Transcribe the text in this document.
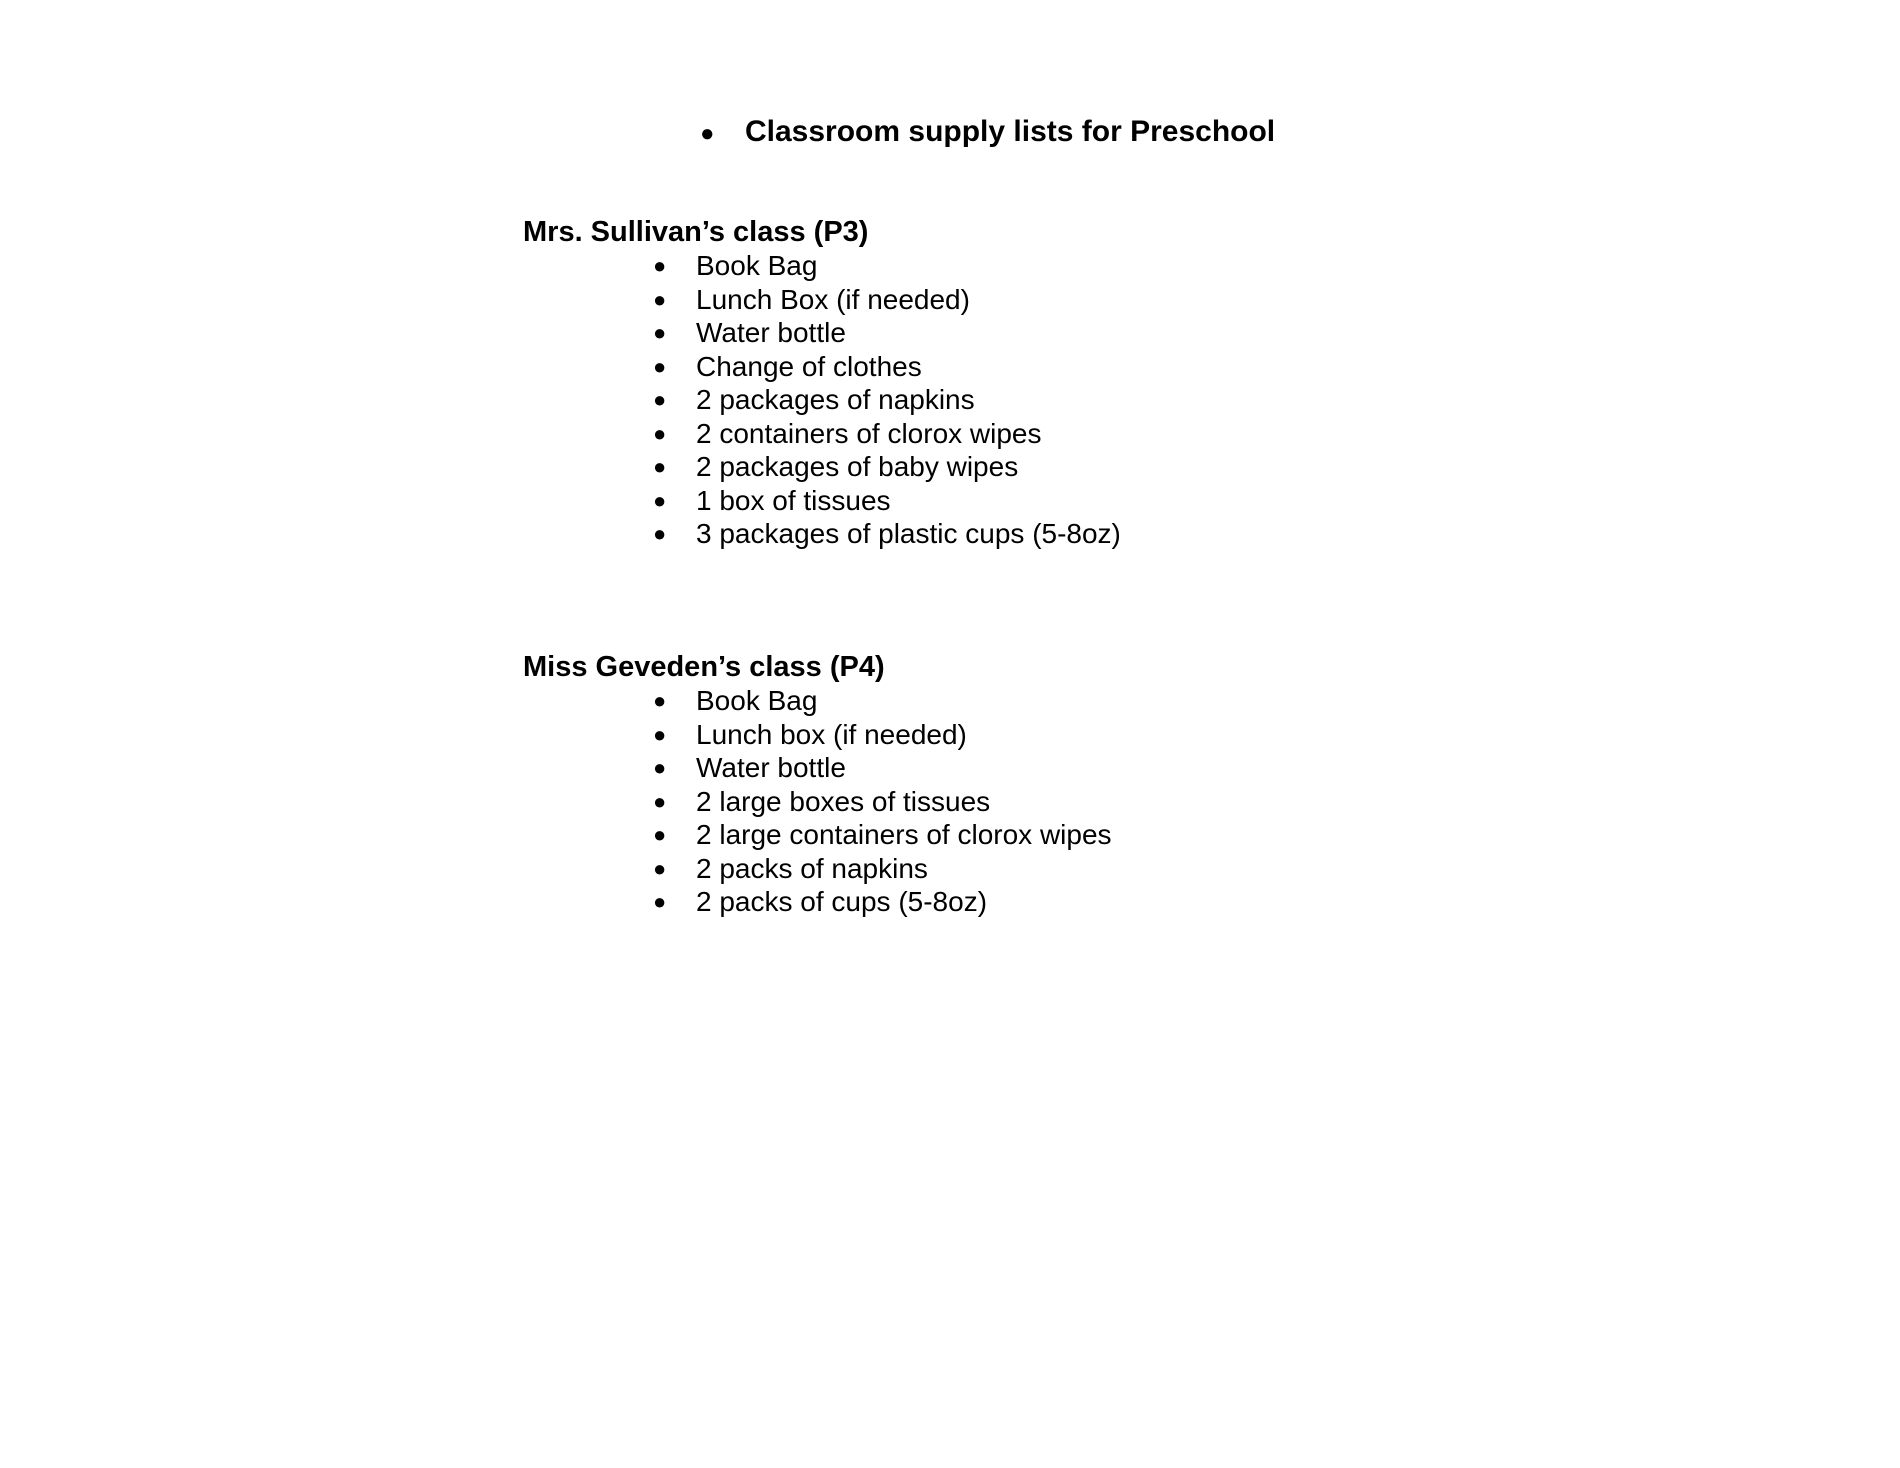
● Classroom supply lists for Preschool
Mrs. Sullivan’s class (P3)
● Book Bag
● Lunch Box (if needed)
● Water bottle
● Change of clothes
● 2 packages of napkins
● 2 containers of clorox wipes
● 2 packages of baby wipes
● 1 box of tissues
● 3 packages of plastic cups (5-8oz)
Miss Geveden’s class (P4)
● Book Bag
● Lunch box (if needed)
● Water bottle
● 2 large boxes of tissues
● 2 large containers of clorox wipes
● 2 packs of napkins
● 2 packs of cups (5-8oz)
